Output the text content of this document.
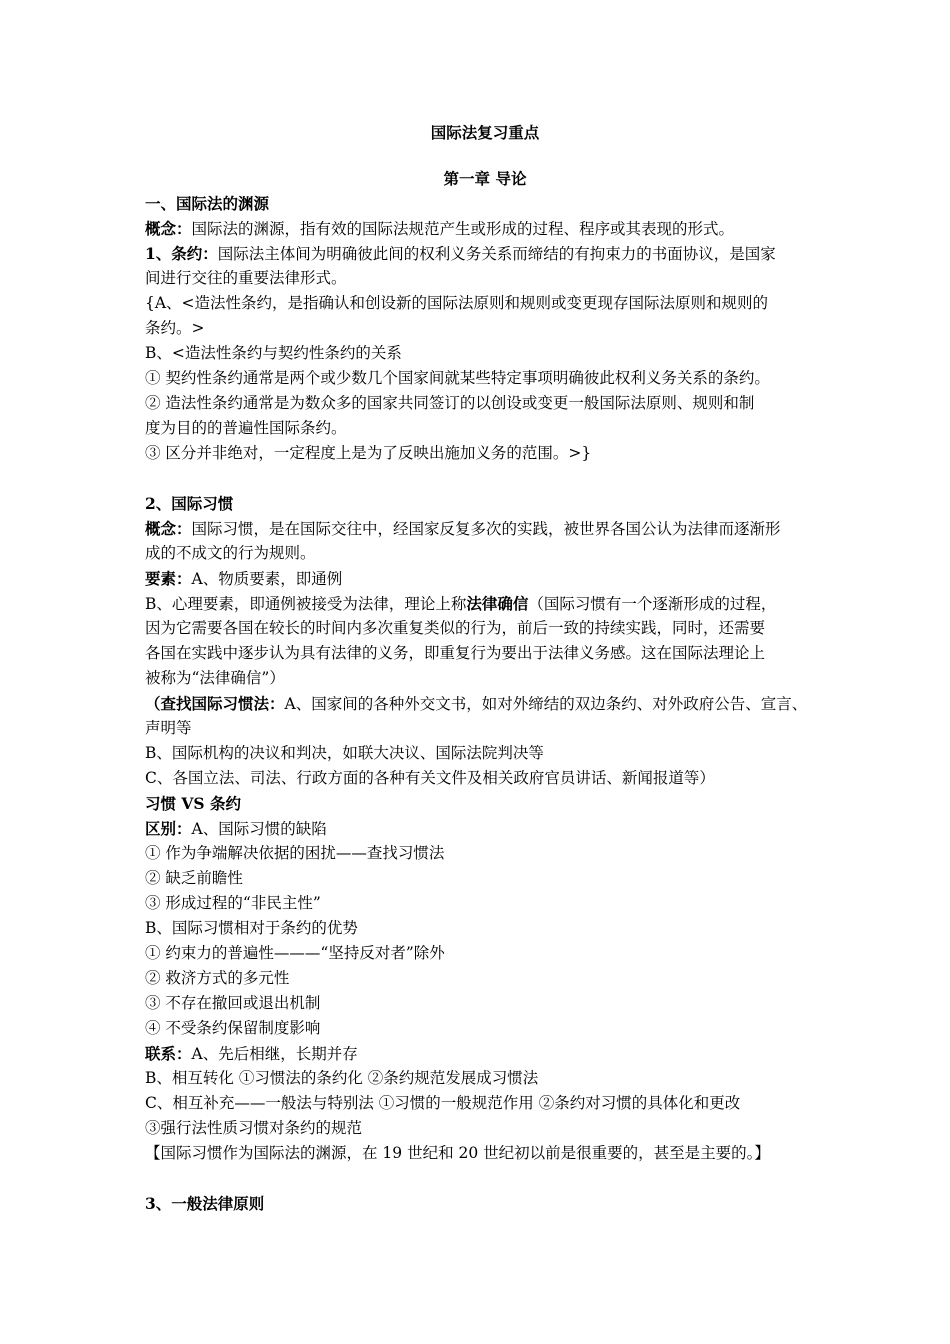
国际法复习重点
第一章 导论
一、国际法的渊源
概念：国际法的渊源，指有效的国际法规范产生或形成的过程、程序或其表现的形式。
1、条约：国际法主体间为明确彼此间的权利义务关系而缔结的有拘束力的书面协议，是国家
间进行交往的重要法律形式。
{A、<造法性条约，是指确认和创设新的国际法原则和规则或变更现存国际法原则和规则的
条约。>
B、<造法性条约与契约性条约的关系
① 契约性条约通常是两个或少数几个国家间就某些特定事项明确彼此权利义务关系的条约。
② 造法性条约通常是为数众多的国家共同签订的以创设或变更一般国际法原则、规则和制
度为目的的普遍性国际条约。
③ 区分并非绝对，一定程度上是为了反映出施加义务的范围。>}
2、国际习惯
概念：国际习惯，是在国际交往中，经国家反复多次的实践，被世界各国公认为法律而逐渐形
成的不成文的行为规则。
要素：A、物质要素，即通例
B、心理要素，即通例被接受为法律，理论上称法律确信（国际习惯有一个逐渐形成的过程，
因为它需要各国在较长的时间内多次重复类似的行为，前后一致的持续实践，同时，还需要
各国在实践中逐步认为具有法律的义务，即重复行为要出于法律义务感。这在国际法理论上
被称为“法律确信”）
（查找国际习惯法：A、国家间的各种外交文书，如对外缔结的双边条约、对外政府公告、宣言、
声明等
B、国际机构的决议和判决，如联大决议、国际法院判决等
C、各国立法、司法、行政方面的各种有关文件及相关政府官员讲话、新闻报道等）
习惯 VS 条约
区别：A、国际习惯的缺陷
① 作为争端解决依据的困扰——查找习惯法
② 缺乏前瞻性
③ 形成过程的“非民主性”
B、国际习惯相对于条约的优势
① 约束力的普遍性———“坚持反对者”除外
② 救济方式的多元性
③ 不存在撤回或退出机制
④ 不受条约保留制度影响
联系：A、先后相继，长期并存
B、相互转化 ①习惯法的条约化 ②条约规范发展成习惯法
C、相互补充——一般法与特别法 ①习惯的一般规范作用 ②条约对习惯的具体化和更改
③强行法性质习惯对条约的规范
【国际习惯作为国际法的渊源，在 19 世纪和 20 世纪初以前是很重要的，甚至是主要的。】
3、一般法律原则
